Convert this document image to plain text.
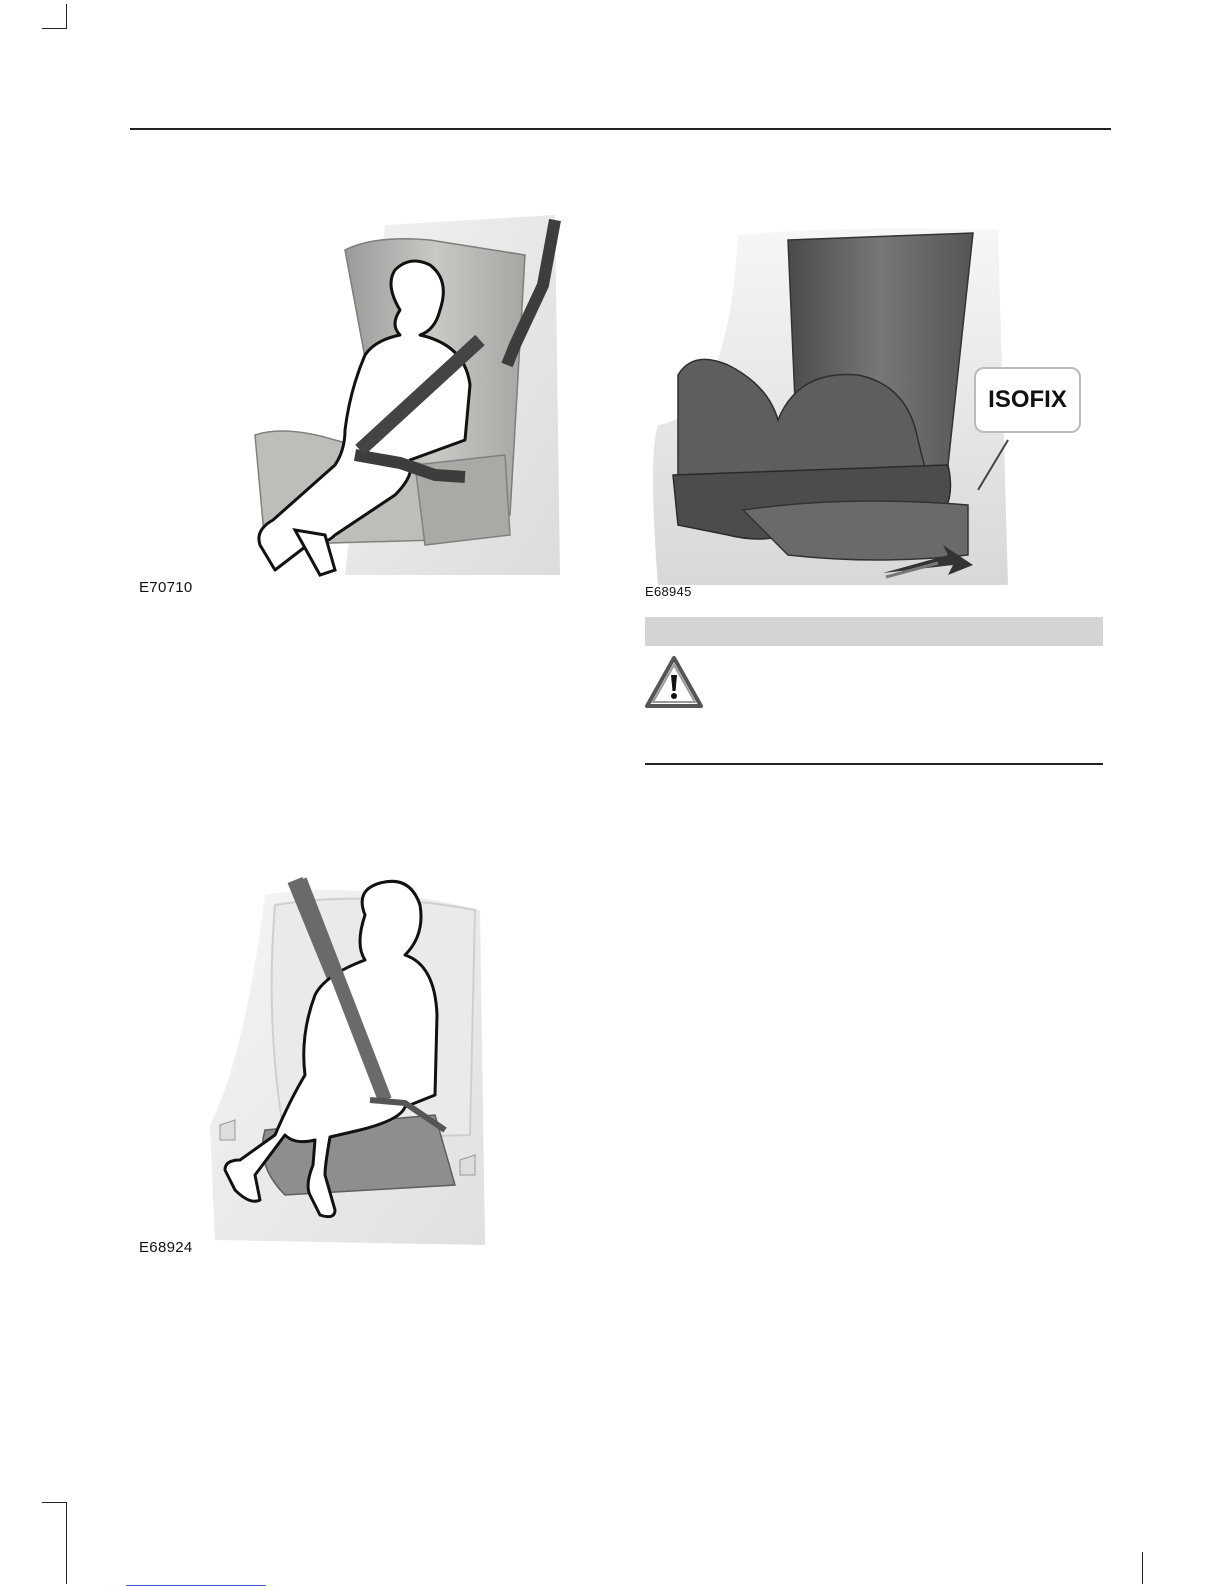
E70710
ISOFIX
E68945
E68924
